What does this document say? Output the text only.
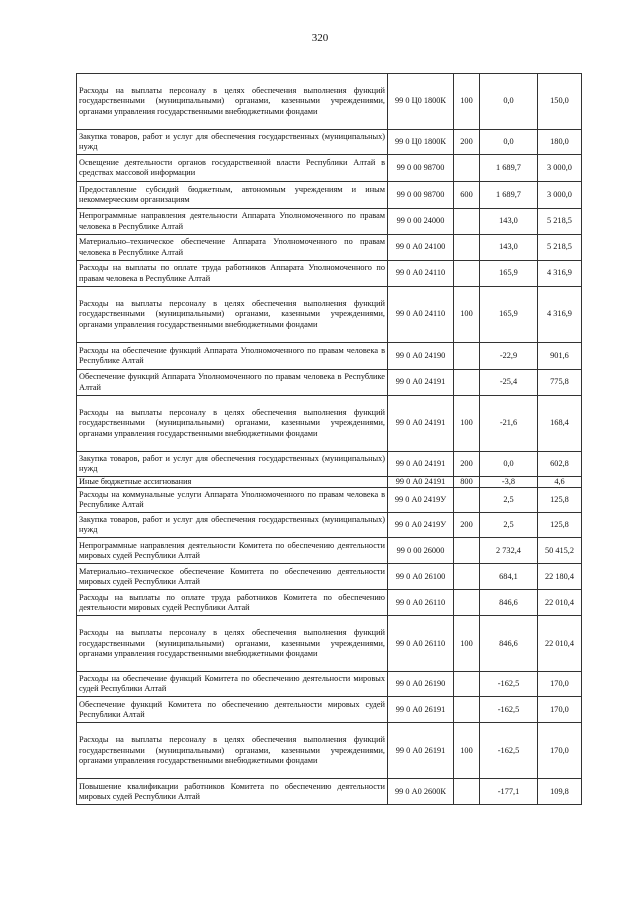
320
Расходы на выплаты персоналу в целях обеспечения выполнения функций государственными (муниципальными) органами, казенными учреждениями, органами управления государственными внебюджетными фондами	99 0 Ц0 1800К	100	0,0	150,0
Закупка товаров, работ и услуг для обеспечения государственных (муниципальных) нужд	99 0 Ц0 1800К	200	0,0	180,0
Освещение деятельности органов государственной власти Республики Алтай в средствах массовой информации	99 0 00 98700		1 689,7	3 000,0
Предоставление субсидий бюджетным, автономным учреждениям и иным некоммерческим организациям	99 0 00 98700	600	1 689,7	3 000,0
Непрограммные направления деятельности Аппарата Уполномоченного по правам человека в Республике Алтай	99 0 00 24000		143,0	5 218,5
Материально–техническое обеспечение Аппарата Уполномоченного по правам человека в Республике Алтай	99 0 А0 24100		143,0	5 218,5
Расходы на выплаты по оплате труда работников Аппарата Уполномоченного по правам человека в Республике Алтай	99 0 А0 24110		165,9	4 316,9
Расходы на выплаты персоналу в целях обеспечения выполнения функций государственными (муниципальными) органами, казенными учреждениями, органами управления государственными внебюджетными фондами	99 0 А0 24110	100	165,9	4 316,9
Расходы на обеспечение функций Аппарата Уполномоченного по правам человека в Республике Алтай	99 0 А0 24190		-22,9	901,6
Обеспечение функций Аппарата Уполномоченного по правам человека в Республике Алтай	99 0 А0 24191		-25,4	775,8
Расходы на выплаты персоналу в целях обеспечения выполнения функций государственными (муниципальными) органами, казенными учреждениями, органами управления государственными внебюджетными фондами	99 0 А0 24191	100	-21,6	168,4
Закупка товаров, работ и услуг для обеспечения государственных (муниципальных) нужд	99 0 А0 24191	200	0,0	602,8
Иные бюджетные ассигнования	99 0 А0 24191	800	-3,8	4,6
Расходы на коммунальные услуги Аппарата Уполномоченного по правам человека в Республике Алтай	99 0 А0 2419У		2,5	125,8
Закупка товаров, работ и услуг для обеспечения государственных (муниципальных) нужд	99 0 А0 2419У	200	2,5	125,8
Непрограммные направления деятельности Комитета по обеспечению деятельности мировых судей Республики Алтай	99 0 00 26000		2 732,4	50 415,2
Материально–техническое обеспечение Комитета по обеспечению деятельности мировых судей Республики Алтай	99 0 А0 26100		684,1	22 180,4
Расходы на выплаты по оплате труда работников Комитета по обеспечению деятельности мировых судей Республики Алтай	99 0 А0 26110		846,6	22 010,4
Расходы на выплаты персоналу в целях обеспечения выполнения функций государственными (муниципальными) органами, казенными учреждениями, органами управления государственными внебюджетными фондами	99 0 А0 26110	100	846,6	22 010,4
Расходы на обеспечение функций Комитета по обеспечению деятельности мировых судей Республики Алтай	99 0 А0 26190		-162,5	170,0
Обеспечение функций Комитета по обеспечению деятельности мировых судей Республики Алтай	99 0 А0 26191		-162,5	170,0
Расходы на выплаты персоналу в целях обеспечения выполнения функций государственными (муниципальными) органами, казенными учреждениями, органами управления государственными внебюджетными фондами	99 0 А0 26191	100	-162,5	170,0
Повышение квалификации работников Комитета по обеспечению деятельности мировых судей Республики Алтай	99 0 А0 2600К		-177,1	109,8
